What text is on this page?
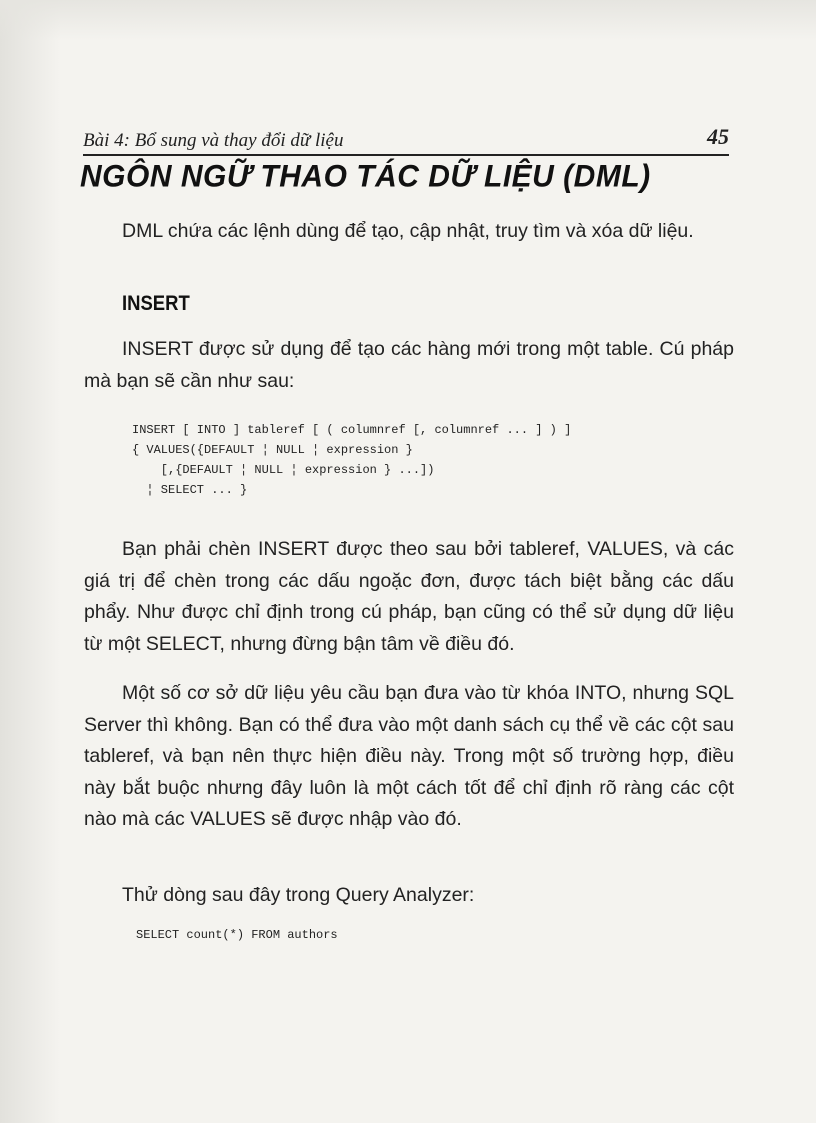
Bài 4: Bổ sung và thay đổi dữ liệu	45
NGÔN NGỮ THAO TÁC DỮ LIỆU (DML)

DML chứa các lệnh dùng để tạo, cập nhật, truy tìm và xóa dữ liệu.

INSERT

INSERT được sử dụng để tạo các hàng mới trong một table. Cú pháp mà bạn sẽ cần như sau:

INSERT [ INTO ] tableref [ ( columnref [, columnref ... ] ) ]
{ VALUES({DEFAULT ¦ NULL ¦ expression }
[,{DEFAULT ¦ NULL ¦ expression } ...])
¦ SELECT ... }

Bạn phải chèn INSERT được theo sau bởi tableref, VALUES, và các giá trị để chèn trong các dấu ngoặc đơn, được tách biệt bằng các dấu phẩy. Như được chỉ định trong cú pháp, bạn cũng có thể sử dụng dữ liệu từ một SELECT, nhưng đừng bận tâm về điều đó.

Một số cơ sở dữ liệu yêu cầu bạn đưa vào từ khóa INTO, nhưng SQL Server thì không. Bạn có thể đưa vào một danh sách cụ thể về các cột sau tableref, và bạn nên thực hiện điều này. Trong một số trường hợp, điều này bắt buộc nhưng đây luôn là một cách tốt để chỉ định rõ ràng các cột nào mà các VALUES sẽ được nhập vào đó.

Thử dòng sau đây trong Query Analyzer:

SELECT count(*) FROM authors
